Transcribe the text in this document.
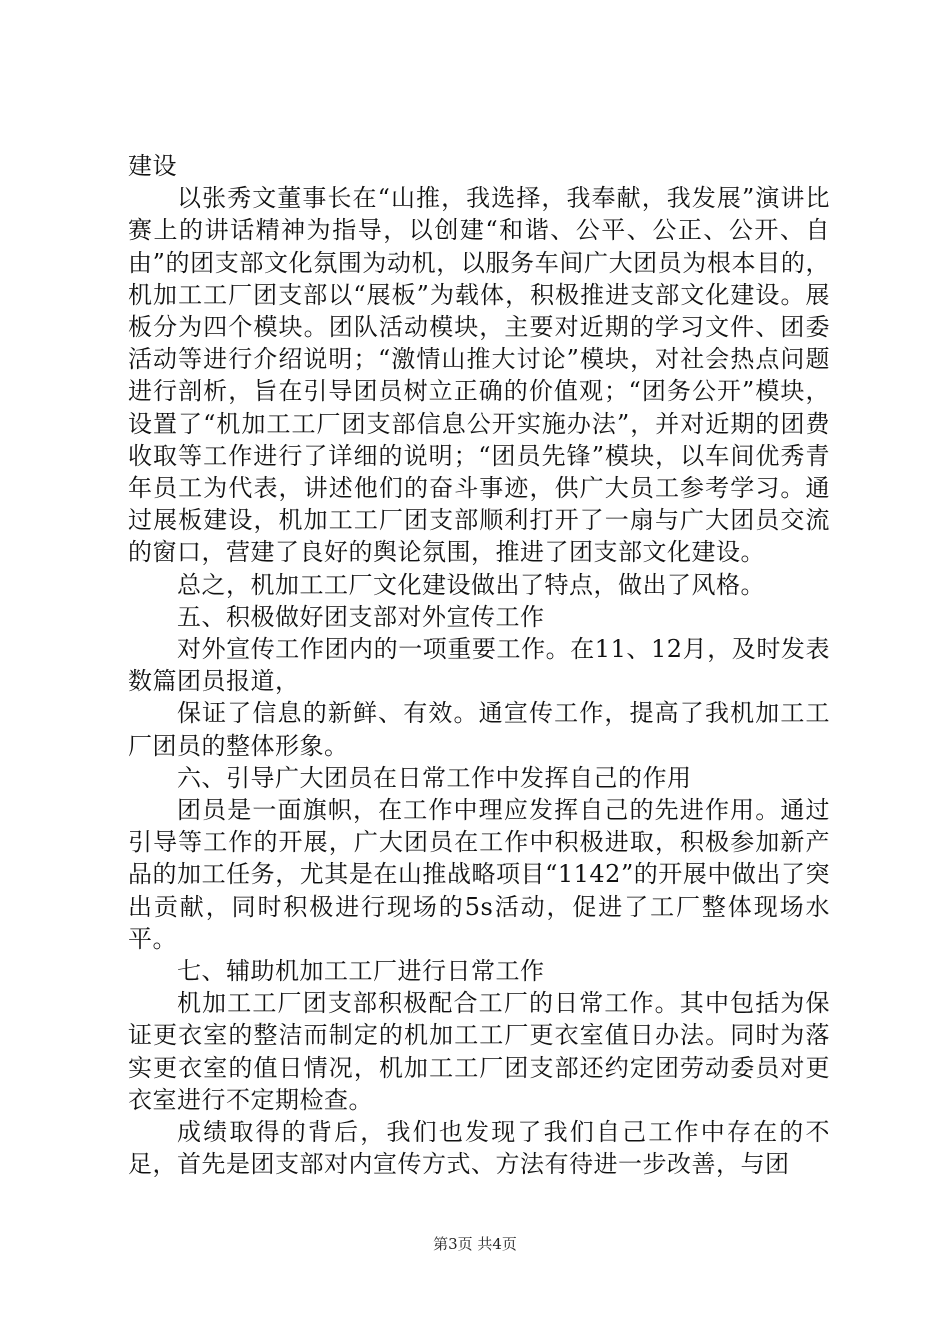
建设

以张秀文董事长在“山推，我选择，我奉献，我发展”演讲比赛上的讲话精神为指导，以创建“和谐、公平、公正、公开、自由”的团支部文化氛围为动机，以服务车间广大团员为根本目的，机加工工厂团支部以“展板”为载体，积极推进支部文化建设。展板分为四个模块。团队活动模块，主要对近期的学习文件、团委活动等进行介绍说明；“激情山推大讨论”模块，对社会热点问题进行剖析，旨在引导团员树立正确的价值观；“团务公开”模块，设置了“机加工工厂团支部信息公开实施办法”，并对近期的团费收取等工作进行了详细的说明；“团员先锋”模块，以车间优秀青年员工为代表，讲述他们的奋斗事迹，供广大员工参考学习。通过展板建设，机加工工厂团支部顺利打开了一扇与广大团员交流的窗口，营建了良好的舆论氛围，推进了团支部文化建设。

总之，机加工工厂文化建设做出了特点，做出了风格。

五、积极做好团支部对外宣传工作

对外宣传工作团内的一项重要工作。在11、12月，及时发表数篇团员报道，

保证了信息的新鲜、有效。通宣传工作，提高了我机加工工厂团员的整体形象。

六、引导广大团员在日常工作中发挥自己的作用

团员是一面旗帜，在工作中理应发挥自己的先进作用。通过引导等工作的开展，广大团员在工作中积极进取，积极参加新产品的加工任务，尤其是在山推战略项目“1142”的开展中做出了突出贡献，同时积极进行现场的5s活动，促进了工厂整体现场水平。

七、辅助机加工工厂进行日常工作

机加工工厂团支部积极配合工厂的日常工作。其中包括为保证更衣室的整洁而制定的机加工工厂更衣室值日办法。同时为落实更衣室的值日情况，机加工工厂团支部还约定团劳动委员对更衣室进行不定期检查。

成绩取得的背后，我们也发现了我们自己工作中存在的不足，首先是团支部对内宣传方式、方法有待进一步改善，与团

第3页 共4页
